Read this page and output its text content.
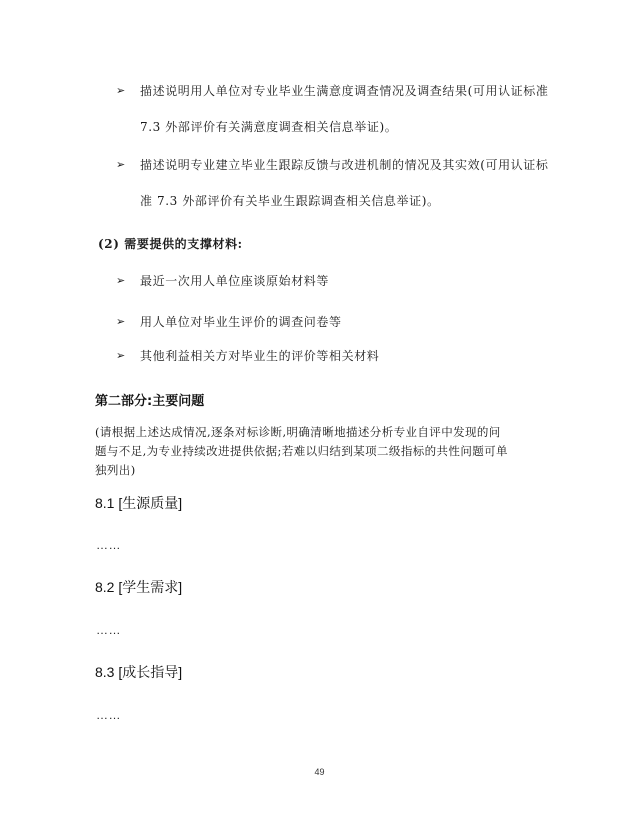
➢	描述说明用人单位对专业毕业生满意度调查情况及调查结果(可用认证标准
7.3 外部评价有关满意度调查相关信息举证)。
➢	描述说明专业建立毕业生跟踪反馈与改进机制的情况及其实效(可用认证标
准 7.3 外部评价有关毕业生跟踪调查相关信息举证)。
(2) 需要提供的支撑材料:
➢	最近一次用人单位座谈原始材料等
➢	用人单位对毕业生评价的调查问卷等
➢	其他利益相关方对毕业生的评价等相关材料
第二部分:主要问题
(请根据上述达成情况,逐条对标诊断,明确清晰地描述分析专业自评中发现的问
题与不足,为专业持续改进提供依据;若难以归结到某项二级指标的共性问题可单
独列出)
8.1 [生源质量]
……
8.2 [学生需求]
……
8.3 [成长指导]
……
49
